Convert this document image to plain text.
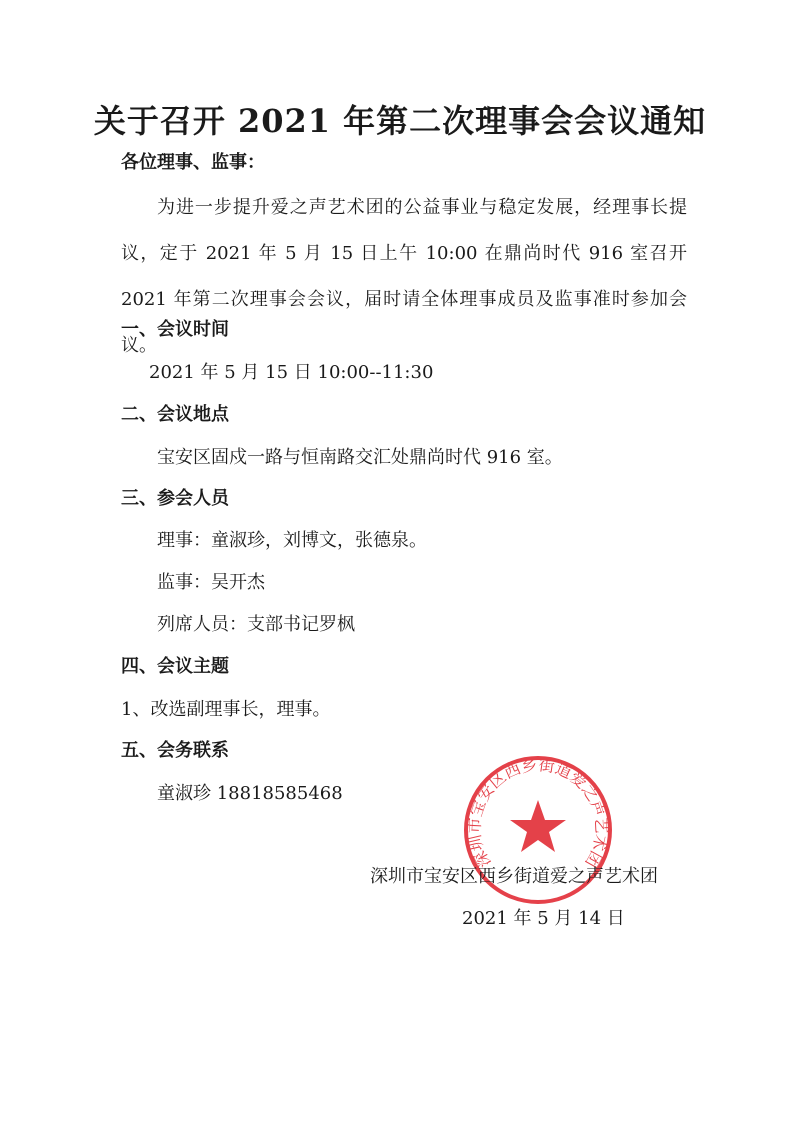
关于召开 2021 年第二次理事会会议通知
各位理事、监事：
为进一步提升爱之声艺术团的公益事业与稳定发展，经理事长提议，定于 2021 年 5 月 15 日上午 10:00 在鼎尚时代 916 室召开 2021 年第二次理事会会议，届时请全体理事成员及监事准时参加会议。
一、会议时间
2021 年 5 月 15 日 10:00--11:30
二、会议地点
宝安区固戍一路与恒南路交汇处鼎尚时代 916 室。
三、参会人员
理事：童淑珍，刘博文，张德泉。
监事：吴开杰
列席人员：支部书记罗枫
四、会议主题
1、改选副理事长，理事。
五、会务联系
童淑珍 18818585468
深圳市宝安区西乡街道爱之声艺术团
深圳市宝安区西乡街道爱之声艺术团
2021 年 5 月 14 日
